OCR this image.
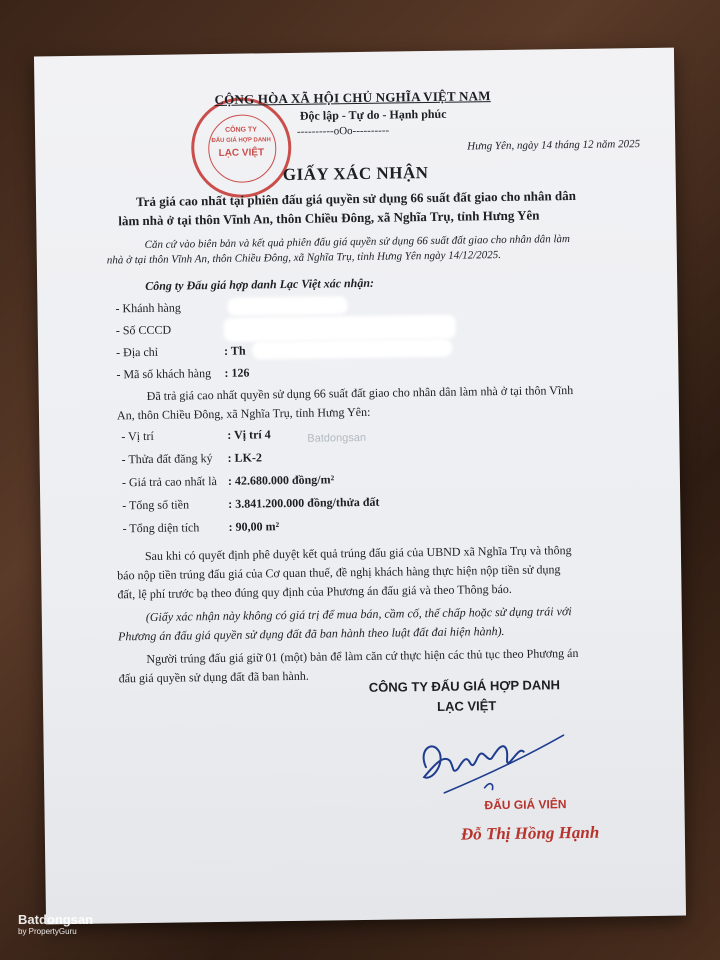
CÔNG TY
ĐẤU GIÁ HỢP DANH
LẠC VIỆT
CỘNG HÒA XÃ HỘI CHỦ NGHĨA VIỆT NAM
Độc lập - Tự do - Hạnh phúc
----------oOo----------
Hưng Yên, ngày 14 tháng 12 năm 2025
GIẤY XÁC NHẬN
Trả giá cao nhất tại phiên đấu giá quyền sử dụng 66 suất đất giao cho nhân dân
làm nhà ở tại thôn Vĩnh An, thôn Chiều Đông, xã Nghĩa Trụ, tỉnh Hưng Yên
Căn cứ vào biên bản và kết quả phiên đấu giá quyền sử dụng 66 suất đất giao cho nhân dân làm
nhà ở tại thôn Vĩnh An, thôn Chiều Đông, xã Nghĩa Trụ, tỉnh Hưng Yên ngày 14/12/2025.
Công ty Đấu giá hợp danh Lạc Việt xác nhận:
- Khánh hàng
- Số CCCD
- Địa chỉ	: Th
- Mã số khách hàng : 126
Đã trả giá cao nhất quyền sử dụng 66 suất đất giao cho nhân dân làm nhà ở tại thôn Vĩnh
An, thôn Chiều Đông, xã Nghĩa Trụ, tỉnh Hưng Yên:
- Vị trí	: Vị trí 4
- Thửa đất đăng ký : LK-2
- Giá trả cao nhất là : 42.680.000 đồng/m²
- Tổng số tiền	: 3.841.200.000 đồng/thửa đất
- Tổng diện tích : 90,00 m²
Batdongsan
Sau khi có quyết định phê duyệt kết quả trúng đấu giá của UBND xã Nghĩa Trụ và thông
báo nộp tiền trúng đấu giá của Cơ quan thuế, đề nghị khách hàng thực hiện nộp tiền sử dụng
đất, lệ phí trước bạ theo đúng quy định của Phương án đấu giá và theo Thông báo.
(Giấy xác nhận này không có giá trị để mua bán, cầm cố, thế chấp hoặc sử dụng trái với
Phương án đấu giá quyền sử dụng đất đã ban hành theo luật đất đai hiện hành).
Người trúng đấu giá giữ 01 (một) bản để làm căn cứ thực hiện các thủ tục theo Phương án
đấu giá quyền sử dụng đất đã ban hành.
CÔNG TY ĐẤU GIÁ HỢP DANH
LẠC VIỆT
ĐẤU GIÁ VIÊN
Đỗ Thị Hồng Hạnh
Batdongsan
by PropertyGuru
